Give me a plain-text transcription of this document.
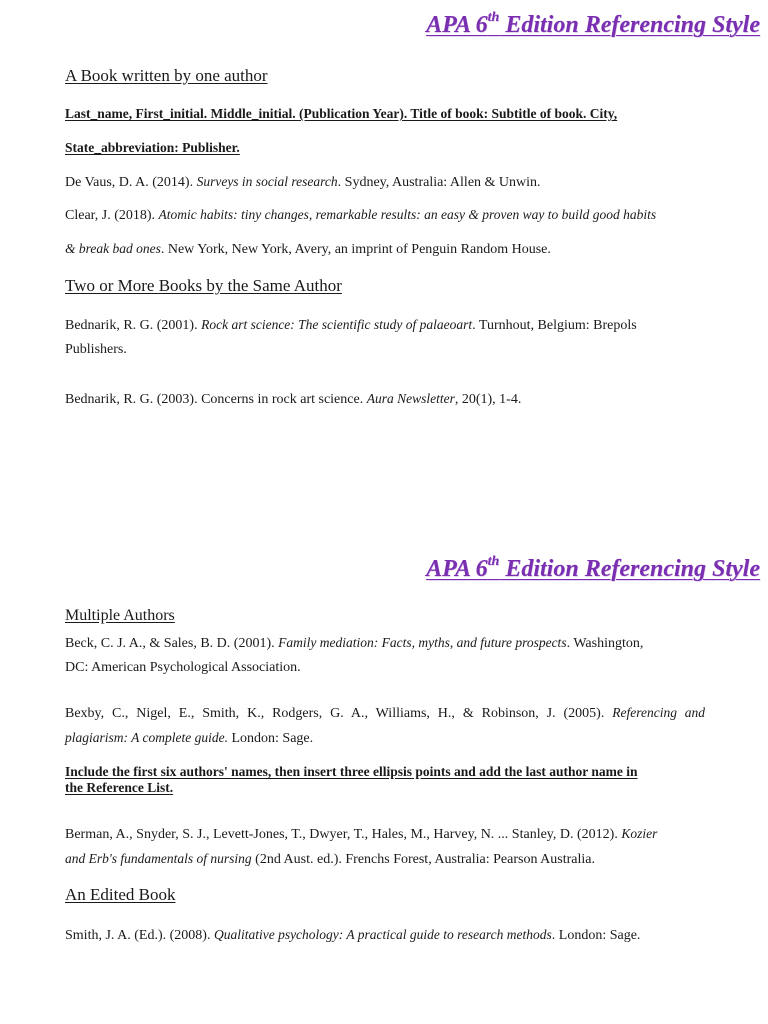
APA 6th Edition Referencing Style
A Book written by one author
Last_name, First_initial. Middle_initial. (Publication Year). Title of book: Subtitle of book. City,
State_abbreviation: Publisher.
De Vaus, D. A. (2014). Surveys in social research. Sydney, Australia: Allen & Unwin.
Clear, J. (2018). Atomic habits: tiny changes, remarkable results: an easy & proven way to build good habits
& break bad ones. New York, New York, Avery, an imprint of Penguin Random House.
Two or More Books by the Same Author
Bednarik, R. G. (2001). Rock art science: The scientific study of palaeoart. Turnhout, Belgium: Brepols
Publishers.
Bednarik, R. G. (2003). Concerns in rock art science. Aura Newsletter, 20(1), 1-4.
APA 6th Edition Referencing Style
Multiple Authors
Beck, C. J. A., & Sales, B. D. (2001). Family mediation: Facts, myths, and future prospects. Washington,
DC: American Psychological Association.
Bexby, C., Nigel, E., Smith, K., Rodgers, G. A., Williams, H., & Robinson, J. (2005). Referencing and
plagiarism: A complete guide. London: Sage.
Include the first six authors' names, then insert three ellipsis points and add the last author name in
the Reference List.
Berman, A., Snyder, S. J., Levett-Jones, T., Dwyer, T., Hales, M., Harvey, N. ... Stanley, D. (2012). Kozier
and Erb's fundamentals of nursing (2nd Aust. ed.). Frenchs Forest, Australia: Pearson Australia.
An Edited Book
Smith, J. A. (Ed.). (2008). Qualitative psychology: A practical guide to research methods. London: Sage.
